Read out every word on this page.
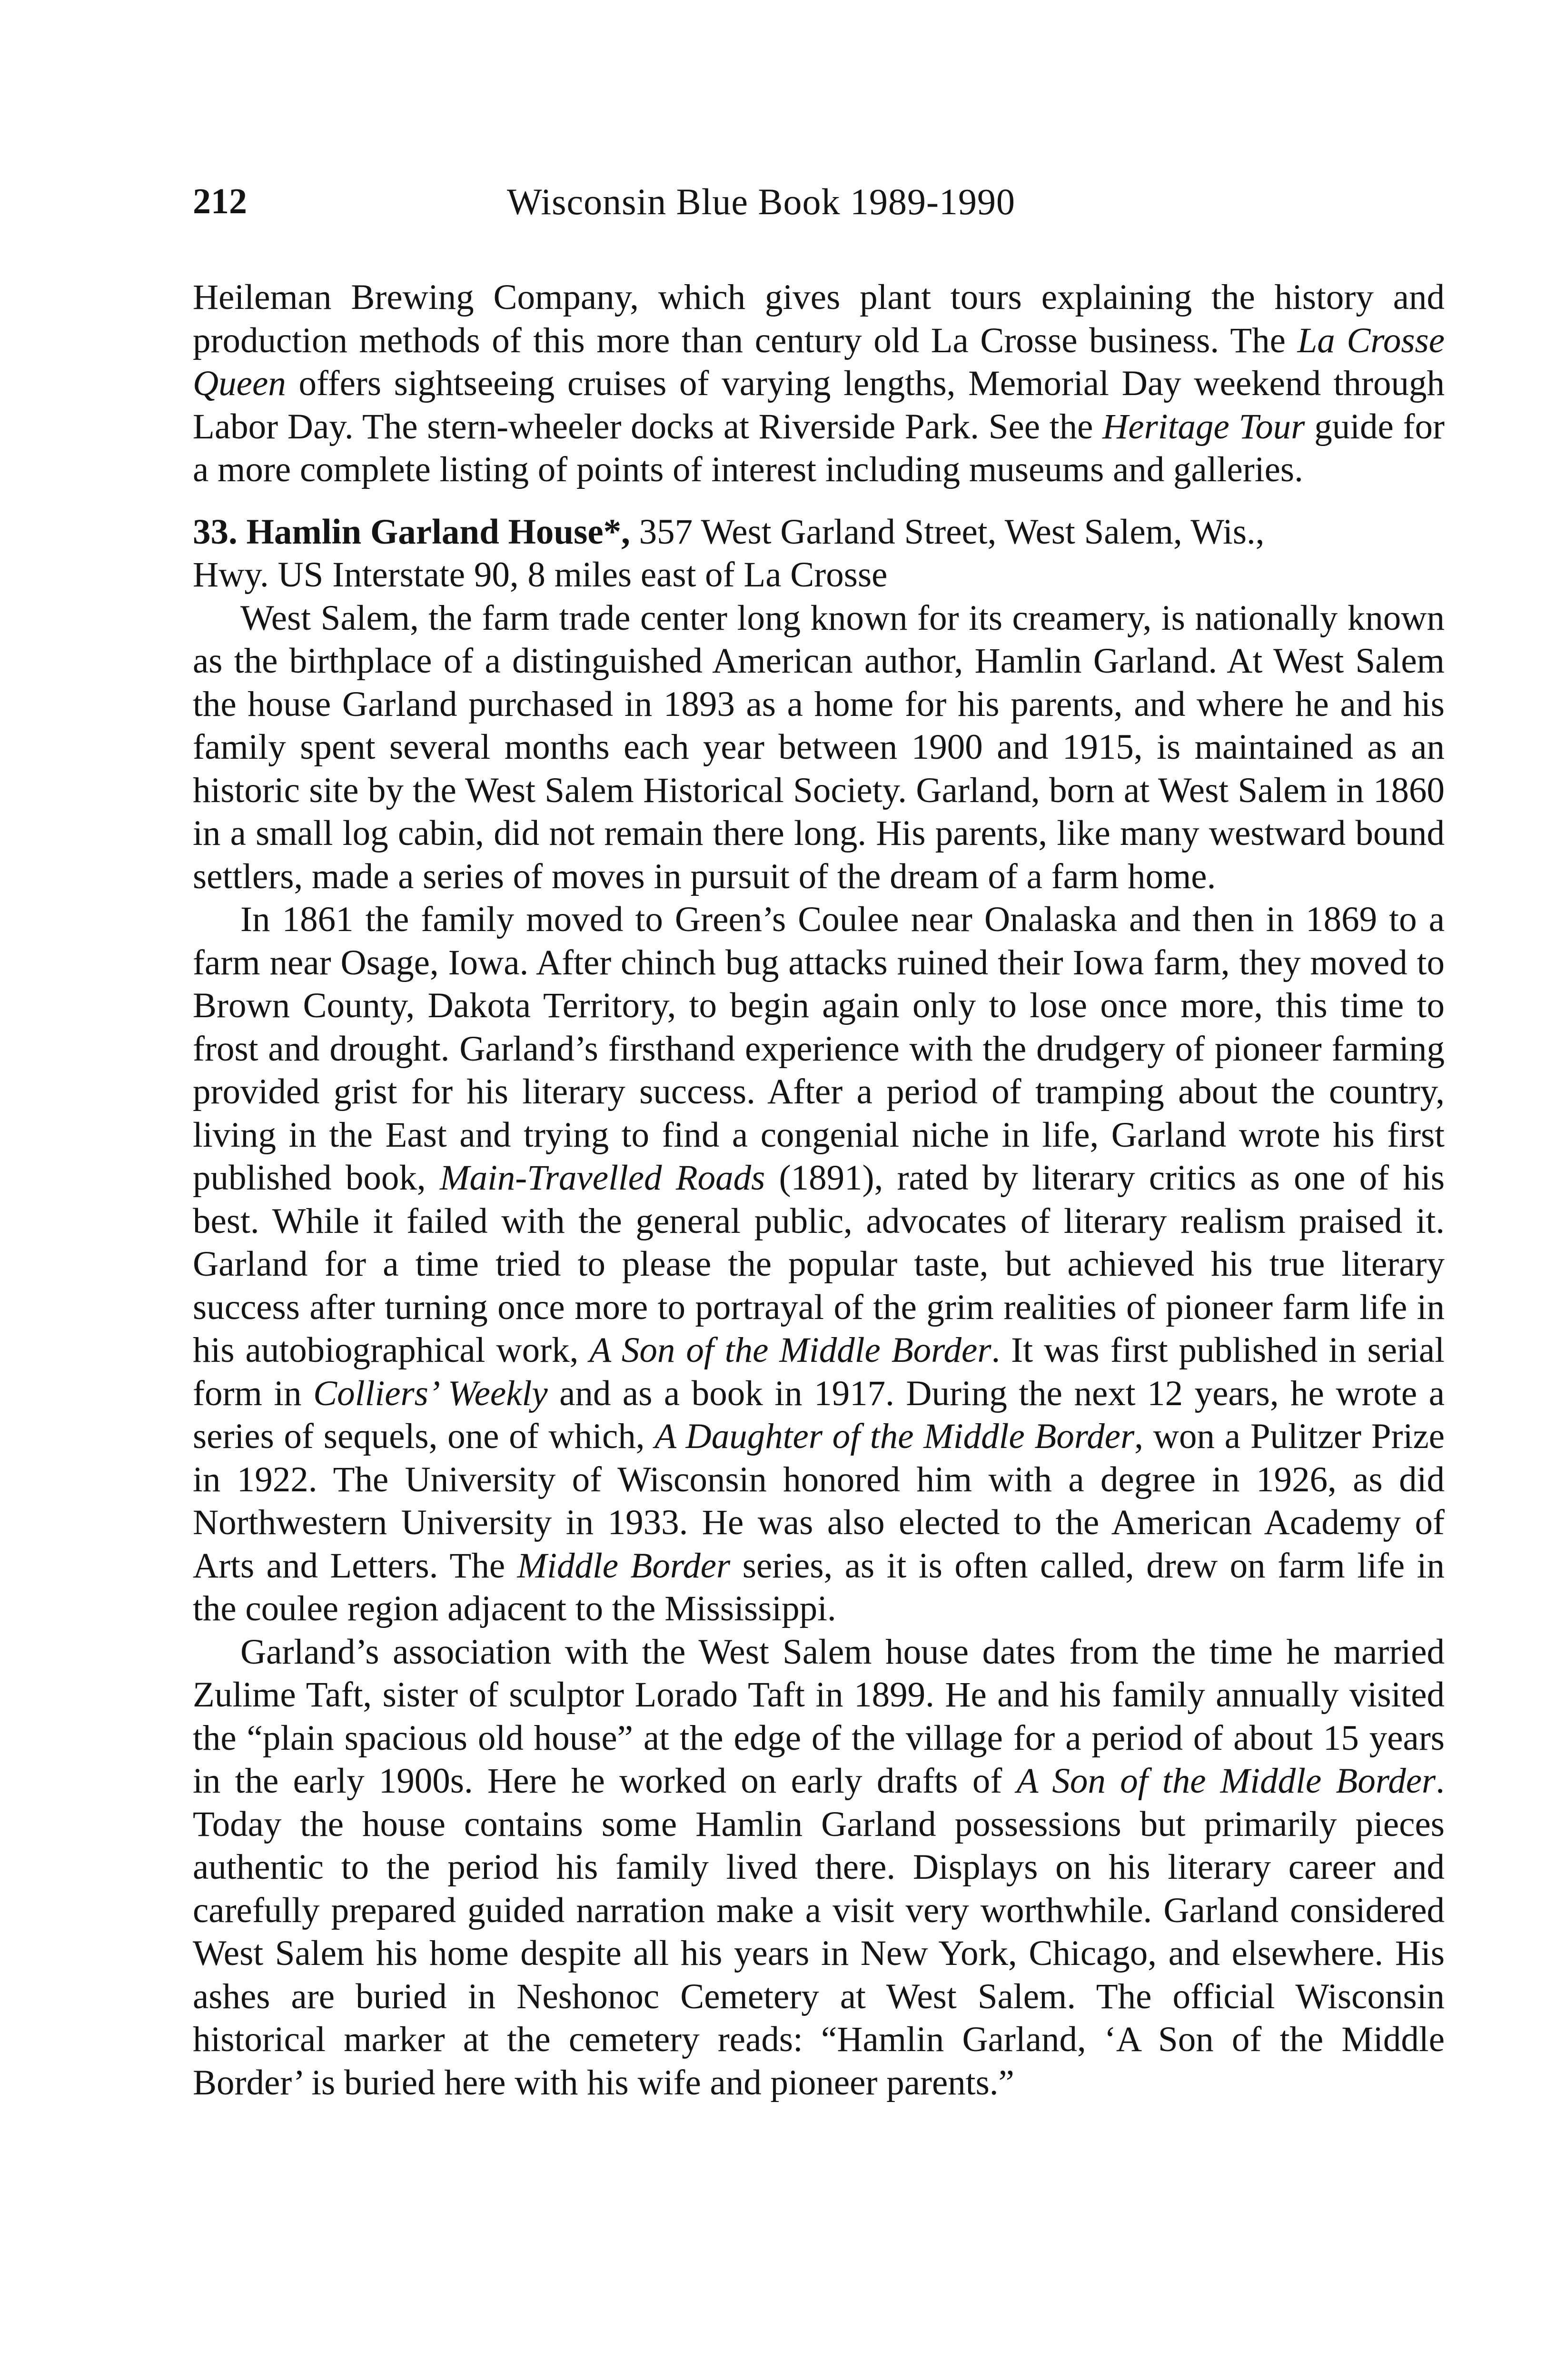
212	Wisconsin Blue Book 1989-1990

Heileman Brewing Company, which gives plant tours explaining the history and production methods of this more than century old La Crosse business. The La Crosse Queen offers sightseeing cruises of varying lengths, Memorial Day weekend through Labor Day. The stern-wheeler docks at Riverside Park. See the Heritage Tour guide for a more complete listing of points of interest including museums and galleries.

33. Hamlin Garland House*, 357 West Garland Street, West Salem, Wis.,

Hwy. US Interstate 90, 8 miles east of La Crosse

West Salem, the farm trade center long known for its creamery, is nationally known as the birthplace of a distinguished American author, Hamlin Garland. At West Salem the house Garland purchased in 1893 as a home for his parents, and where he and his family spent several months each year between 1900 and 1915, is maintained as an historic site by the West Salem Historical Society. Garland, born at West Salem in 1860 in a small log cabin, did not remain there long. His parents, like many westward bound settlers, made a series of moves in pursuit of the dream of a farm home.

In 1861 the family moved to Green’s Coulee near Onalaska and then in 1869 to a farm near Osage, Iowa. After chinch bug attacks ruined their Iowa farm, they moved to Brown County, Dakota Territory, to begin again only to lose once more, this time to frost and drought. Garland’s firsthand experience with the drudgery of pioneer farming provided grist for his literary success. After a period of tramping about the country, living in the East and trying to find a congenial niche in life, Garland wrote his first published book, Main-Travelled Roads (1891), rated by literary critics as one of his best. While it failed with the general public, advocates of literary realism praised it. Garland for a time tried to please the popular taste, but achieved his true literary success after turning once more to portrayal of the grim realities of pioneer farm life in his autobiographical work, A Son of the Middle Border. It was first published in serial form in Colliers’ Weekly and as a book in 1917. During the next 12 years, he wrote a series of sequels, one of which, A Daughter of the Middle Border, won a Pulitzer Prize in 1922. The University of Wisconsin honored him with a degree in 1926, as did Northwestern University in 1933. He was also elected to the American Academy of Arts and Letters. The Middle Border series, as it is often called, drew on farm life in the coulee region adjacent to the Mississippi.

Garland’s association with the West Salem house dates from the time he married Zulime Taft, sister of sculptor Lorado Taft in 1899. He and his family annually visited the “plain spacious old house” at the edge of the village for a period of about 15 years in the early 1900s. Here he worked on early drafts of A Son of the Middle Border. Today the house contains some Hamlin Garland possessions but primarily pieces authentic to the period his family lived there. Displays on his literary career and carefully prepared guided narration make a visit very worthwhile. Garland considered West Salem his home despite all his years in New York, Chicago, and elsewhere. His ashes are buried in Neshonoc Cemetery at West Salem. The official Wisconsin historical marker at the cemetery reads: “Hamlin Garland, ‘A Son of the Middle Border’ is buried here with his wife and pioneer parents.”
